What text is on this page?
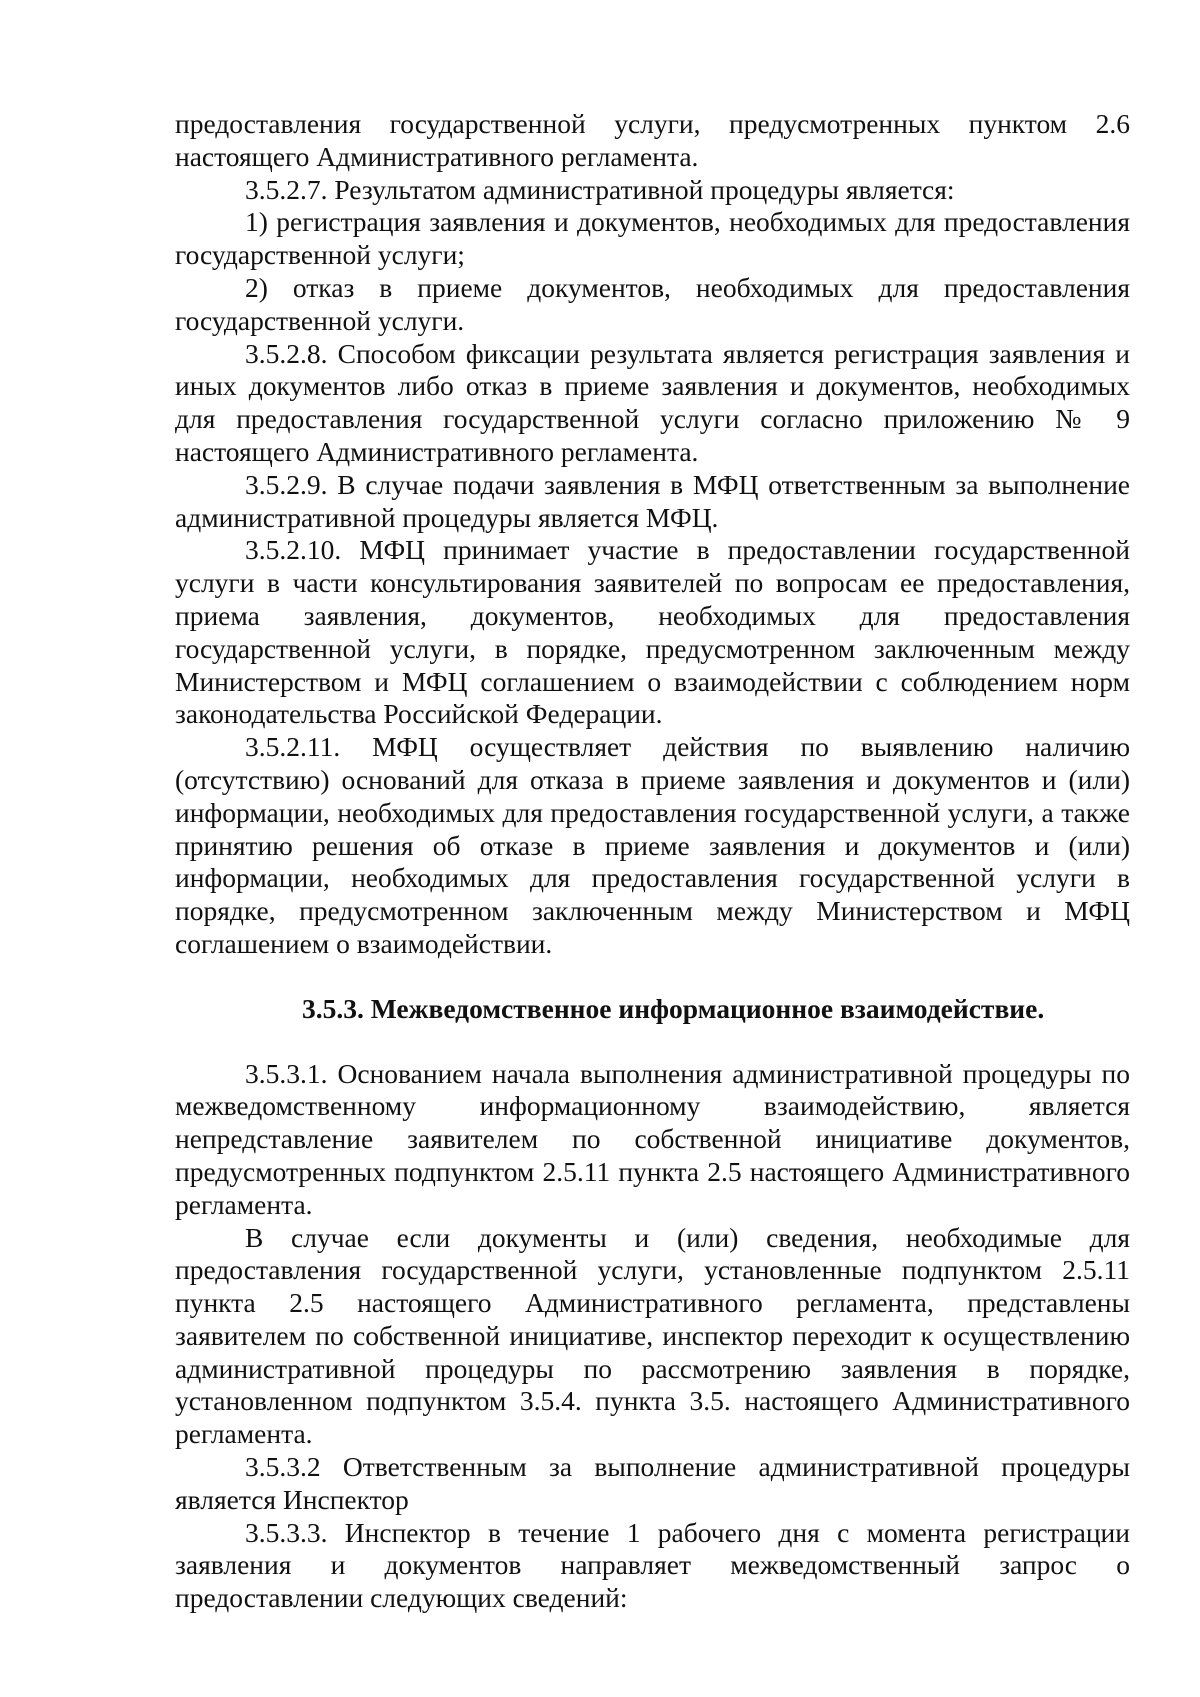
предоставления государственной услуги, предусмотренных пунктом 2.6 настоящего Административного регламента.

3.5.2.7. Результатом административной процедуры является:

1) регистрация заявления и документов, необходимых для предоставления государственной услуги;

2) отказ в приеме документов, необходимых для предоставления государственной услуги.

3.5.2.8. Способом фиксации результата является регистрация заявления и иных документов либо отказ в приеме заявления и документов, необходимых для предоставления государственной услуги согласно приложению № 9 настоящего Административного регламента.

3.5.2.9. В случае подачи заявления в МФЦ ответственным за выполнение административной процедуры является МФЦ.

3.5.2.10. МФЦ принимает участие в предоставлении государственной услуги в части консультирования заявителей по вопросам ее предоставления, приема заявления, документов, необходимых для предоставления государственной услуги, в порядке, предусмотренном заключенным между Министерством и МФЦ соглашением о взаимодействии с соблюдением норм законодательства Российской Федерации.

3.5.2.11. МФЦ осуществляет действия по выявлению наличию (отсутствию) оснований для отказа в приеме заявления и документов и (или) информации, необходимых для предоставления государственной услуги, а также принятию решения об отказе в приеме заявления и документов и (или) информации, необходимых для предоставления государственной услуги в порядке, предусмотренном заключенным между Министерством и МФЦ соглашением о взаимодействии.

3.5.3. Межведомственное информационное взаимодействие.

3.5.3.1. Основанием начала выполнения административной процедуры по межведомственному информационному взаимодействию, является непредставление заявителем по собственной инициативе документов, предусмотренных подпунктом 2.5.11 пункта 2.5 настоящего Административного регламента.

В случае если документы и (или) сведения, необходимые для предоставления государственной услуги, установленные подпунктом 2.5.11 пункта 2.5 настоящего Административного регламента, представлены заявителем по собственной инициативе, инспектор переходит к осуществлению административной процедуры по рассмотрению заявления в порядке, установленном подпунктом 3.5.4. пункта 3.5. настоящего Административного регламента.

3.5.3.2 Ответственным за выполнение административной процедуры является Инспектор

3.5.3.3. Инспектор в течение 1 рабочего дня с момента регистрации заявления и документов направляет межведомственный запрос о предоставлении следующих сведений:
